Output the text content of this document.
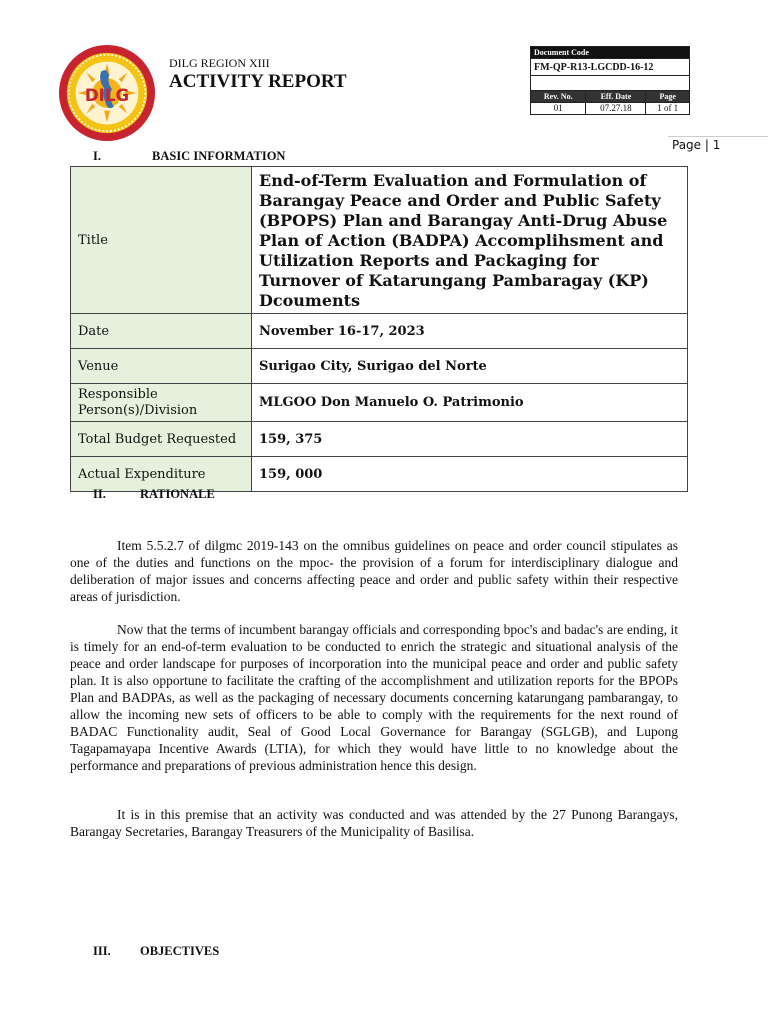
DILG
DILG REGION XIII
ACTIVITY REPORT
Document Code		
FM-QP-R13-LGCDD-16-12		

Rev. No.	Eff. Date	Page
01	07.27.18	1 of 1
Page | 1
I.	BASIC INFORMATION
Title	End-of-Term Evaluation and Formulation of Barangay Peace and Order and Public Safety (BPOPS) Plan and Barangay Anti-Drug Abuse Plan of Action (BADPA) Accomplihsment and Utilization Reports and Packaging for Turnover of Katarungang Pambaragay (KP) Dcouments
Date	November 16-17, 2023
Venue	Surigao City, Surigao del Norte
Responsible Person(s)/Division	MLGOO Don Manuelo O. Patrimonio
Total Budget Requested	159, 375
Actual Expenditure	159, 000
II.	RATIONALE

Item 5.5.2.7 of dilgmc 2019-143 on the omnibus guidelines on peace and order council stipulates as one of the duties and functions on the mpoc- the provision of a forum for interdisciplinary dialogue and deliberation of major issues and concerns affecting peace and order and public safety within their respective areas of jurisdiction.

Now that the terms of incumbent barangay officials and corresponding bpoc's and badac's are ending, it is timely for an end-of-term evaluation to be conducted to enrich the strategic and situational analysis of the peace and order landscape for purposes of incorporation into the municipal peace and order and public safety plan. It is also opportune to facilitate the crafting of the accomplishment and utilization reports for the BPOPs Plan and BADPAs, as well as the packaging of necessary documents concerning katarungang pambarangay, to allow the incoming new sets of officers to be able to comply with the requirements for the next round of BADAC Functionality audit, Seal of Good Local Governance for Barangay (SGLGB), and Lupong Tagapamayapa Incentive Awards (LTIA), for which they would have little to no knowledge about the performance and preparations of previous administration hence this design.

It is in this premise that an activity was conducted and was attended by the 27 Punong Barangays, Barangay Secretaries, Barangay Treasurers of the Municipality of Basilisa.

III. OBJECTIVES
